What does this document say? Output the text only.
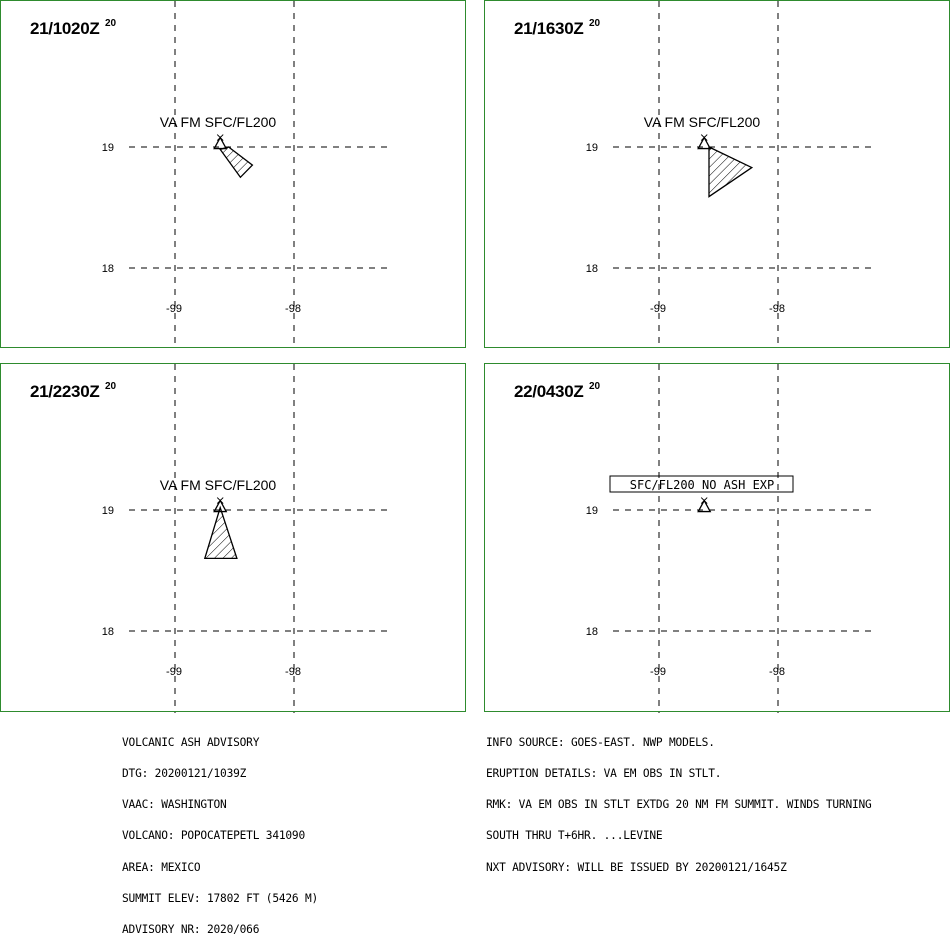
21/1020Z 20
19
18
-99	-98
VA FM SFC/FL200
21/1630Z 20
19
18
-99	-98
VA FM SFC/FL200
21/2230Z 20
19
18
-99	-98
VA FM SFC/FL200
22/0430Z 20
19
18
-99	-98
SFC/FL200 NO ASH EXP

VOLCANIC ASH ADVISORY

DTG: 20200121/1039Z

VAAC: WASHINGTON

VOLCANO: POPOCATEPETL 341090

AREA: MEXICO

SUMMIT ELEV: 17802 FT (5426 M)

ADVISORY NR: 2020/066

INFO SOURCE: GOES-EAST. NWP MODELS.

ERUPTION DETAILS: VA EM OBS IN STLT.

RMK: VA EM OBS IN STLT EXTDG 20 NM FM SUMMIT. WINDS TURNING

SOUTH THRU T+6HR. ...LEVINE

NXT ADVISORY: WILL BE ISSUED BY 20200121/1645Z
